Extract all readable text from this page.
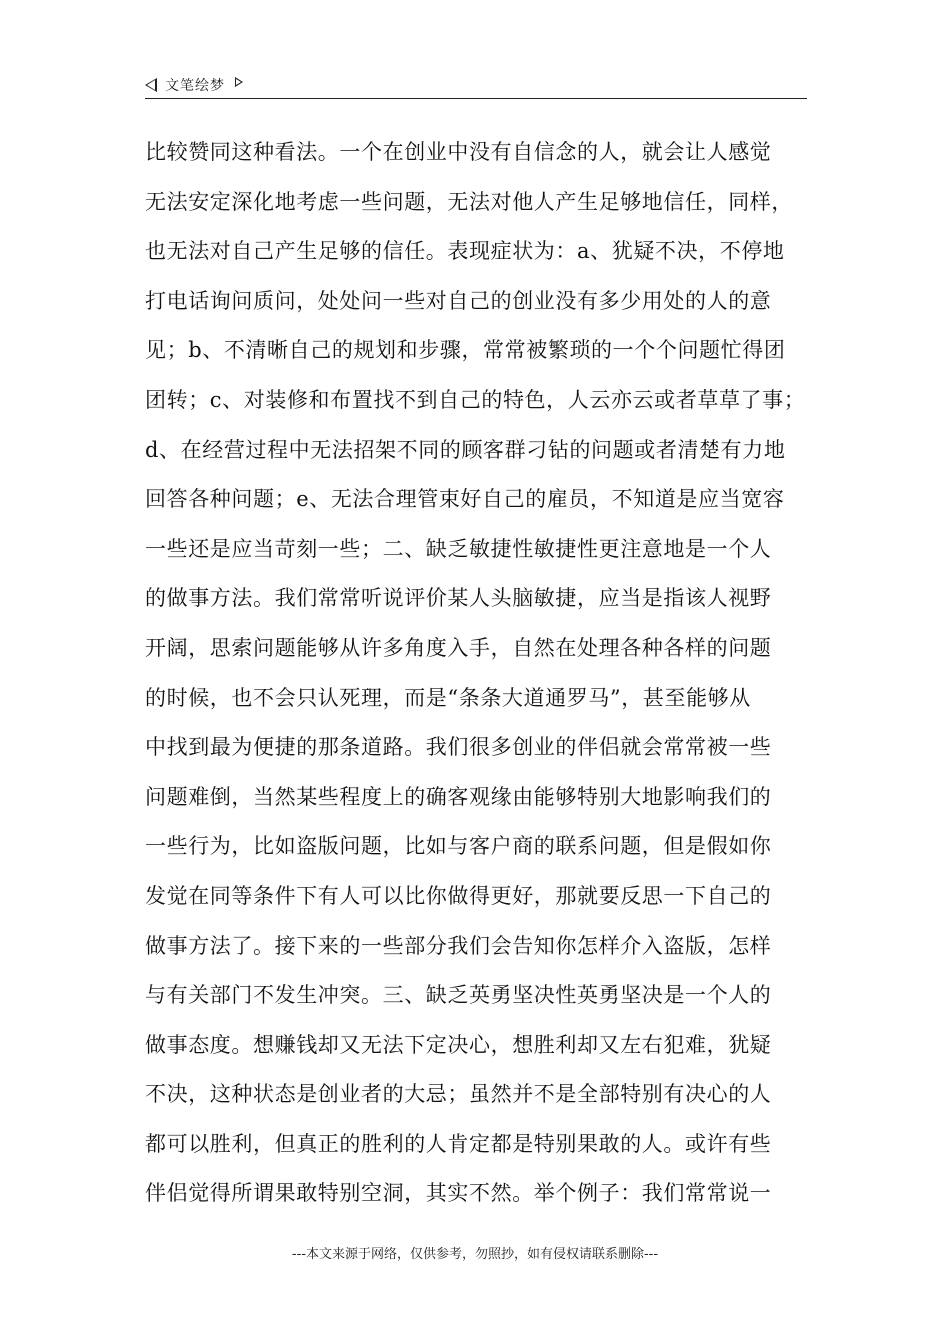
文笔绘梦
比较赞同这种看法。一个在创业中没有自信念的人，就会让人感觉
无法安定深化地考虑一些问题，无法对他人产生足够地信任，同样，
也无法对自己产生足够的信任。表现症状为：a、犹疑不决，不停地
打电话询问质问，处处问一些对自己的创业没有多少用处的人的意
见；b、不清晰自己的规划和步骤，常常被繁琐的一个个问题忙得团
团转；c、对装修和布置找不到自己的特色，人云亦云或者草草了事；
d、在经营过程中无法招架不同的顾客群刁钻的问题或者清楚有力地
回答各种问题；e、无法合理管束好自己的雇员，不知道是应当宽容
一些还是应当苛刻一些；二、缺乏敏捷性敏捷性更注意地是一个人
的做事方法。我们常常听说评价某人头脑敏捷，应当是指该人视野
开阔，思索问题能够从许多角度入手，自然在处理各种各样的问题
的时候，也不会只认死理，而是“条条大道通罗马”，甚至能够从
中找到最为便捷的那条道路。我们很多创业的伴侣就会常常被一些
问题难倒，当然某些程度上的确客观缘由能够特别大地影响我们的
一些行为，比如盗版问题，比如与客户商的联系问题，但是假如你
发觉在同等条件下有人可以比你做得更好，那就要反思一下自己的
做事方法了。接下来的一些部分我们会告知你怎样介入盗版，怎样
与有关部门不发生冲突。三、缺乏英勇坚决性英勇坚决是一个人的
做事态度。想赚钱却又无法下定决心，想胜利却又左右犯难，犹疑
不决，这种状态是创业者的大忌；虽然并不是全部特别有决心的人
都可以胜利，但真正的胜利的人肯定都是特别果敢的人。或许有些
伴侣觉得所谓果敢特别空洞，其实不然。举个例子：我们常常说一
---本文来源于网络，仅供参考，勿照抄，如有侵权请联系删除---
